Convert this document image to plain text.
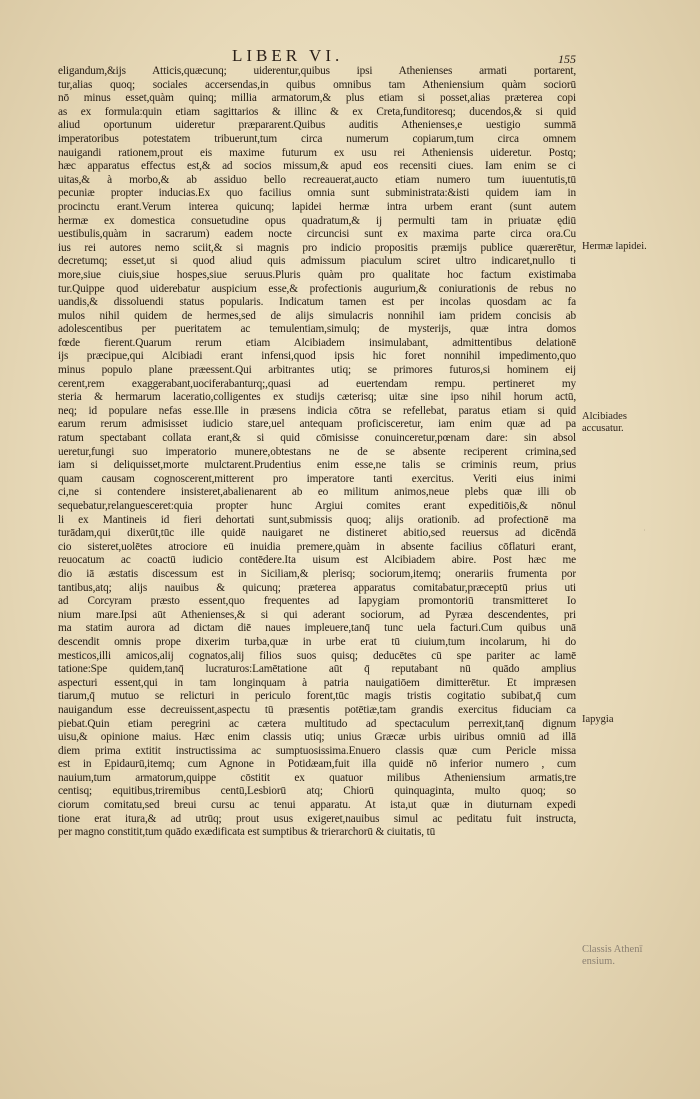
LIBER VI.	155
eligandum,&ijs Atticis,quæcunq; uiderentur,quibus ipsi Athenienses armati portarent,
tur,alias quoq; sociales accersendas,in quibus omnibus tam Atheniensium quàm sociorū
nō minus esset,quàm quinq; millia armatorum,& plus etiam si posset,alias præterea copi
as ex formula:quin etiam sagittarios & illinc & ex Creta,funditoresq; ducendos,& si quid
aliud oportunum uideretur præpararent.Quibus auditis Athenienses,e uestigio summā
imperatoribus potestatem tribuerunt,tum circa numerum copiarum,tum circa omnem
nauigandi rationem,prout eis maxime futurum ex usu rei Atheniensis uideretur. Postq;
hæc apparatus effectus est,& ad socios missum,& apud eos recensiti ciues. Iam enim se ci
uitas,& à morbo,& ab assiduo bello recreauerat,aucto etiam numero tum iuuentutis,tū
pecuniæ propter inducias.Ex quo facilius omnia sunt subministrata:&isti quidem iam in
procinctu erant.Verum interea quicunq; lapidei hermæ intra urbem erant (sunt autem
hermæ ex domestica consuetudine opus quadratum,& ij permulti tam in priuatæ ędiū
uestibulis,quàm in sacrarum) eadem nocte circuncisi sunt ex maxima parte circa ora.Cu
ius rei autores nemo sciit,& si magnis pro indicio propositis præmijs publice quærerētur,
decretumq; esset,ut si quod aliud quis admissum piaculum sciret ultro indicaret,nullo ti
more,siue ciuis,siue hospes,siue seruus.Pluris quàm pro qualitate hoc factum existimaba
tur.Quippe quod uiderebatur auspicium esse,& profectionis augurium,& coniurationis de rebus no
uandis,& dissoluendi status popularis. Indicatum tamen est per incolas quosdam ac fa
mulos nihil quidem de hermes,sed de alijs simulacris nonnihil iam pridem concisis ab
adolescentibus per pueritatem ac temulentiam,simulq; de mysterijs, quæ intra domos
fœde fierent.Quarum rerum etiam Alcibiadem insimulabant, admittentibus delationē
ijs præcipue,qui Alcibiadi erant infensi,quod ipsis hic foret nonnihil impedimento,quo
minus populo plane præessent.Qui arbitrantes utiq; se primores futuros,si hominem eij
cerent,rem exaggerabant,uociferabanturq;,quasi ad euertendam rempu. pertineret my
steria & hermarum laceratio,colligentes ex studijs cæterisq; uitæ sine ipso nihil horum actū,
neq; id populare nefas esse.Ille in præsens indicia cōtra se refellebat, paratus etiam si quid
earum rerum admisisset iudicio stare,uel antequam proficisceretur, iam enim quæ ad pa
ratum spectabant collata erant,& si quid cōmisisse conuinceretur,pœnam dare: sin absol
ueretur,fungi suo imperatorio munere,obtestans ne de se absente reciperent crimina,sed
iam si deliquisset,morte mulctarent.Prudentius enim esse,ne talis se criminis reum, prius
quam causam cognoscerent,mitterent pro imperatore tanti exercitus. Veriti eius inimi
ci,ne si contendere insisteret,abalienarent ab eo militum animos,neue plebs quæ illi ob
sequebatur,relanguesceret:quia propter hunc Argiui comites erant expeditiōis,& nōnul
li ex Mantineis id fieri dehortati sunt,submissis quoq; alijs orationib. ad profectionē ma
turādam,qui dixerūt,tūc ille quidē nauigaret ne distineret abitio,sed reuersus ad dicēndā
cio sisteret,uolētes atrociore eū inuidia premere,quàm in absente facilius cōflaturi erant,
reuocatum ac coactū iudicio contēdere.Ita uisum est Alcibiadem abire. Post hæc me
dio iā æstatis discessum est in Siciliam,& plerisq; sociorum,itemq; onerariis frumenta por
tantibus,atq; alijs nauibus & quicunq; præterea apparatus comitabatur,præceptū prius uti
ad Corcyram præsto essent,quo frequentes ad Iapygiam promontoriū transmitteret Io
nium mare.Ipsi aūt Athenienses,& si qui aderant sociorum, ad Pyræa descendentes, pri
ma statim aurora ad dictam diē naues impleuere,tanq̄ tunc uela facturi.Cum quibus unā
descendit omnis prope dixerim turba,quæ in urbe erat tū ciuium,tum incolarum, hi do
mesticos,illi amicos,alij cognatos,alij filios suos quisq; deducētes cū spe pariter ac lamē
tatione:Spe quidem,tanq̄ lucraturos:Lamētatione aūt q̄ reputabant nū quādo amplius
aspecturi essent,qui in tam longinquam à patria nauigatiōem dimitterētur. Et impræsen
tiarum,q̄ mutuo se relicturi in periculo forent,tūc magis tristis cogitatio subibat,q̄ cum
nauigandum esse decreuissent,aspectu tū præsentis potētiæ,tam grandis exercitus fiduciam ca
piebat.Quin etiam peregrini ac cætera multitudo ad spectaculum perrexit,tanq̄ dignum
uisu,& opinione maius. Hæc enim classis utiq; unius Græcæ urbis uiribus omniū ad illā
diem prima extitit instructissima ac sumptuosissima.Enuero classis quæ cum Pericle missa
est in Epidaurū,itemq; cum Agnone in Potidæam,fuit illa quidē nō inferior numero , cum
nauium,tum armatorum,quippe cōstitit ex quatuor milibus Atheniensium armatis,tre
centisq; equitibus,triremibus centū,Lesbiorū atq; Chiorū quinquaginta, multo quoq; so
ciorum comitatu,sed breui cursu ac tenui apparatu. At ista,ut quæ in diuturnam expedi
tione erat itura,& ad utrūq; prout usus exigeret,nauibus simul ac peditatu fuit instructa,
per magno constitit,tum quādo exædificata est sumptibus & trierarchorū & ciuitatis, tū
Hermæ lapidei.
Alcibiades
accusatur.
Iapygia
Classis Athenī
ensium.
˙
